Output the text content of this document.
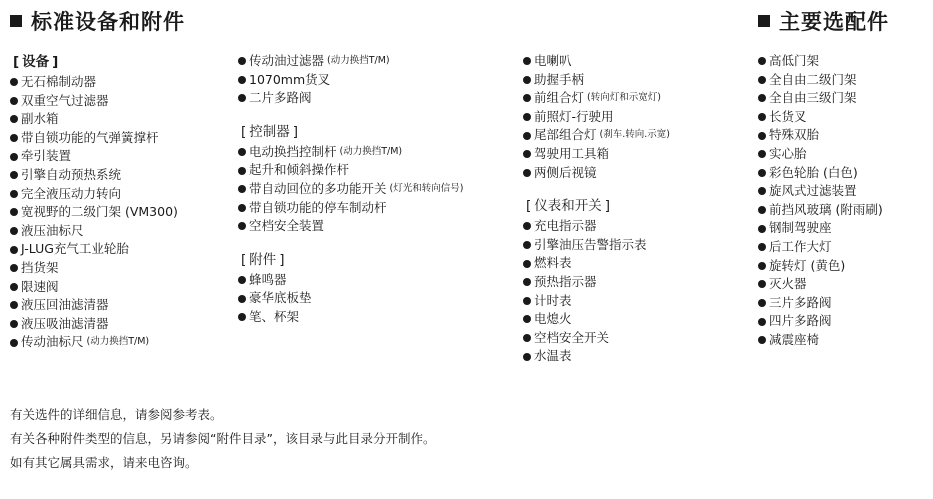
标准设备和附件	主要选配件
[ 设备 ]
无石棉制动器
双重空气过滤器
副水箱
带自锁功能的气弹簧撑杆
牵引装置
引擎自动预热系统
完全液压动力转向
宽视野的二级门架 (VM300)
液压油标尺
J-LUG充气工业轮胎
挡货架
限速阀
液压回油滤清器
液压吸油滤清器
传动油标尺 (动力换挡T/M)
传动油过滤器 (动力换挡T/M)
1070mm货叉
二片多路阀
[ 控制器 ]
电动换挡控制杆 (动力换挡T/M)
起升和倾斜操作杆
带自动回位的多功能开关 (灯光和转向信号)
带自锁功能的停车制动杆
空档安全装置
[ 附件 ]
蜂鸣器
豪华底板垫
笔、杯架
电喇叭
助握手柄
前组合灯 (转向灯和示宽灯)
前照灯-行驶用
尾部组合灯 (刹车.转向.示宽)
驾驶用工具箱
两侧后视镜
[ 仪表和开关 ]
充电指示器
引擎油压告警指示表
燃料表
预热指示器
计时表
电熄火
空档安全开关
水温表
高低门架
全自由二级门架
全自由三级门架
长货叉
特殊双胎
实心胎
彩色轮胎 (白色)
旋风式过滤装置
前挡风玻璃 (附雨刷)
钢制驾驶座
后工作大灯
旋转灯 (黄色)
灭火器
三片多路阀
四片多路阀
减震座椅
有关选件的详细信息，请参阅参考表。
有关各种附件类型的信息，另请参阅“附件目录”，该目录与此目录分开制作。
如有其它属具需求，请来电咨询。
